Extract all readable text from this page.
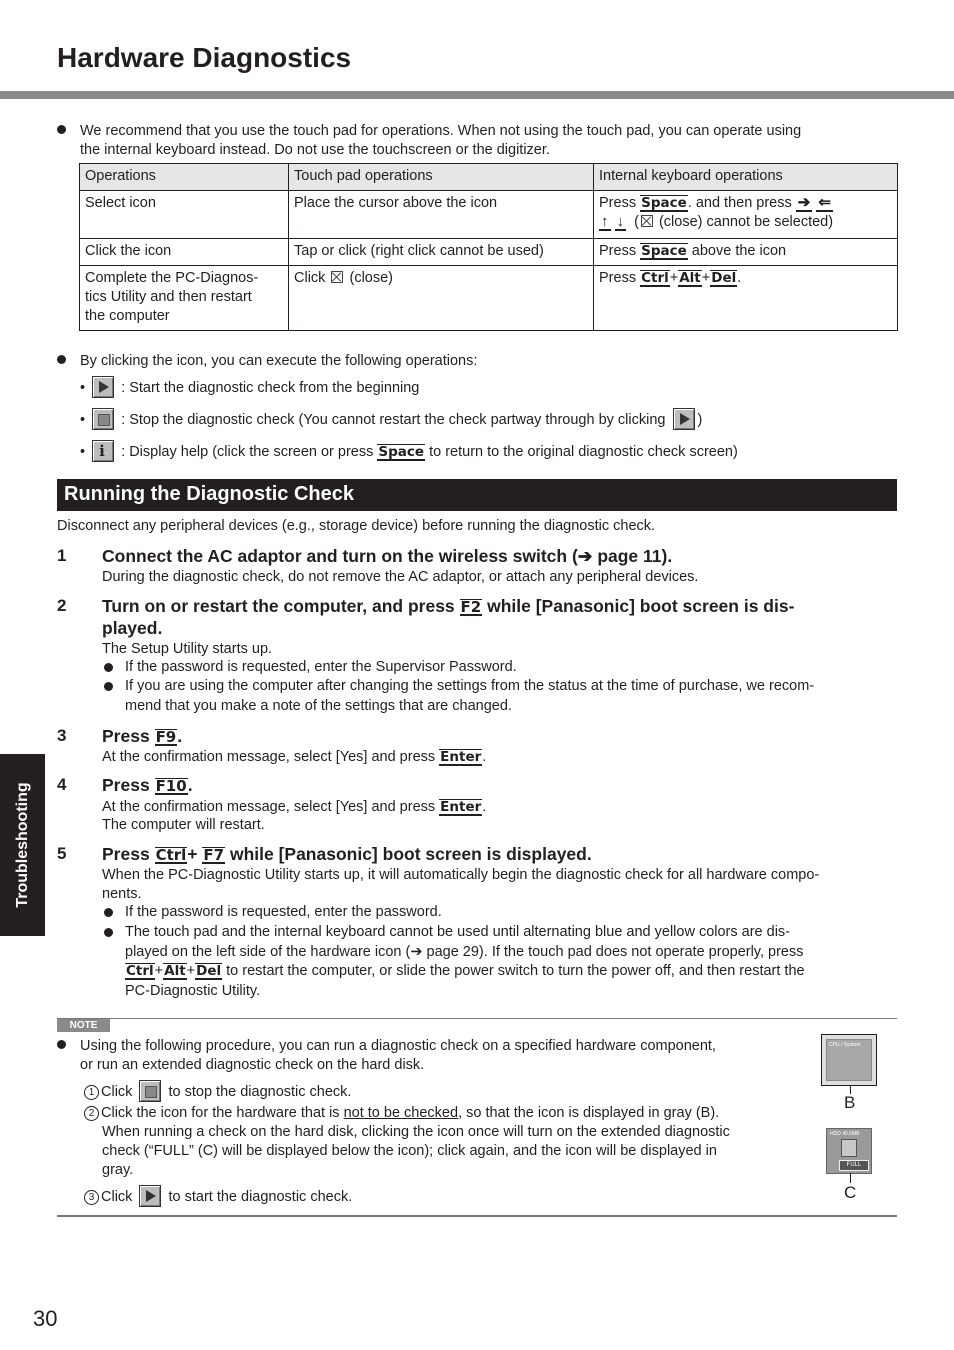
Hardware Diagnostics
We recommend that you use the touch pad for operations. When not using the touch pad, you can operate using
the internal keyboard instead. Do not use the touchscreen or the digitizer.
Operations	Touch pad operations	Internal keyboard operations
Select icon	Place the cursor above the icon	Press Space. and then press ➔ ⇐
↑ ↓ ( (close) cannot be selected)
Click the icon	Tap or click (right click cannot be used)	Press Space above the icon

Complete the PC-Diagnos-
tics Utility and then restart
the computer	Click (close)	Press Ctrl+Alt+Del.
By clicking the icon, you can execute the following operations:
• : Start the diagnostic check from the beginning
• : Stop the diagnostic check (You cannot restart the check partway through by clicking )
• i : Display help (click the screen or press Space to return to the original diagnostic check screen)
Running the Diagnostic Check
Disconnect any peripheral devices (e.g., storage device) before running the diagnostic check.
1 Connect the AC adaptor and turn on the wireless switch (➔ page 11).
During the diagnostic check, do not remove the AC adaptor, or attach any peripheral devices.
2 Turn on or restart the computer, and press F2 while [Panasonic] boot screen is dis-
played.
The Setup Utility starts up.
If the password is requested, enter the Supervisor Password.
If you are using the computer after changing the settings from the status at the time of purchase, we recom-
mend that you make a note of the settings that are changed.
3 Press F9.
At the confirmation message, select [Yes] and press Enter.
4 Press F10.
At the confirmation message, select [Yes] and press Enter.
The computer will restart.
5 Press Ctrl+ F7 while [Panasonic] boot screen is displayed.
When the PC-Diagnostic Utility starts up, it will automatically begin the diagnostic check for all hardware compo-
nents.
If the password is requested, enter the password.
The touch pad and the internal keyboard cannot be used until alternating blue and yellow colors are dis-
played on the left side of the hardware icon (➔ page 29). If the touch pad does not operate properly, press
Ctrl+Alt+Del to restart the computer, or slide the power switch to turn the power off, and then restart the
PC-Diagnostic Utility.
Troubleshooting
NOTE
Using the following procedure, you can run a diagnostic check on a specified hardware component,
or run an extended diagnostic check on the hard disk.
1 Click to stop the diagnostic check.
2 Click the icon for the hardware that is not to be checked, so that the icon is displayed in gray (B).
When running a check on the hard disk, clicking the icon once will turn on the extended diagnostic
check (“FULL” (C) will be displayed below the icon); click again, and the icon will be displayed in
gray.
3 Click to start the diagnostic check.
CPU / System
B
HDD 40.0MB
FULL
C
30
